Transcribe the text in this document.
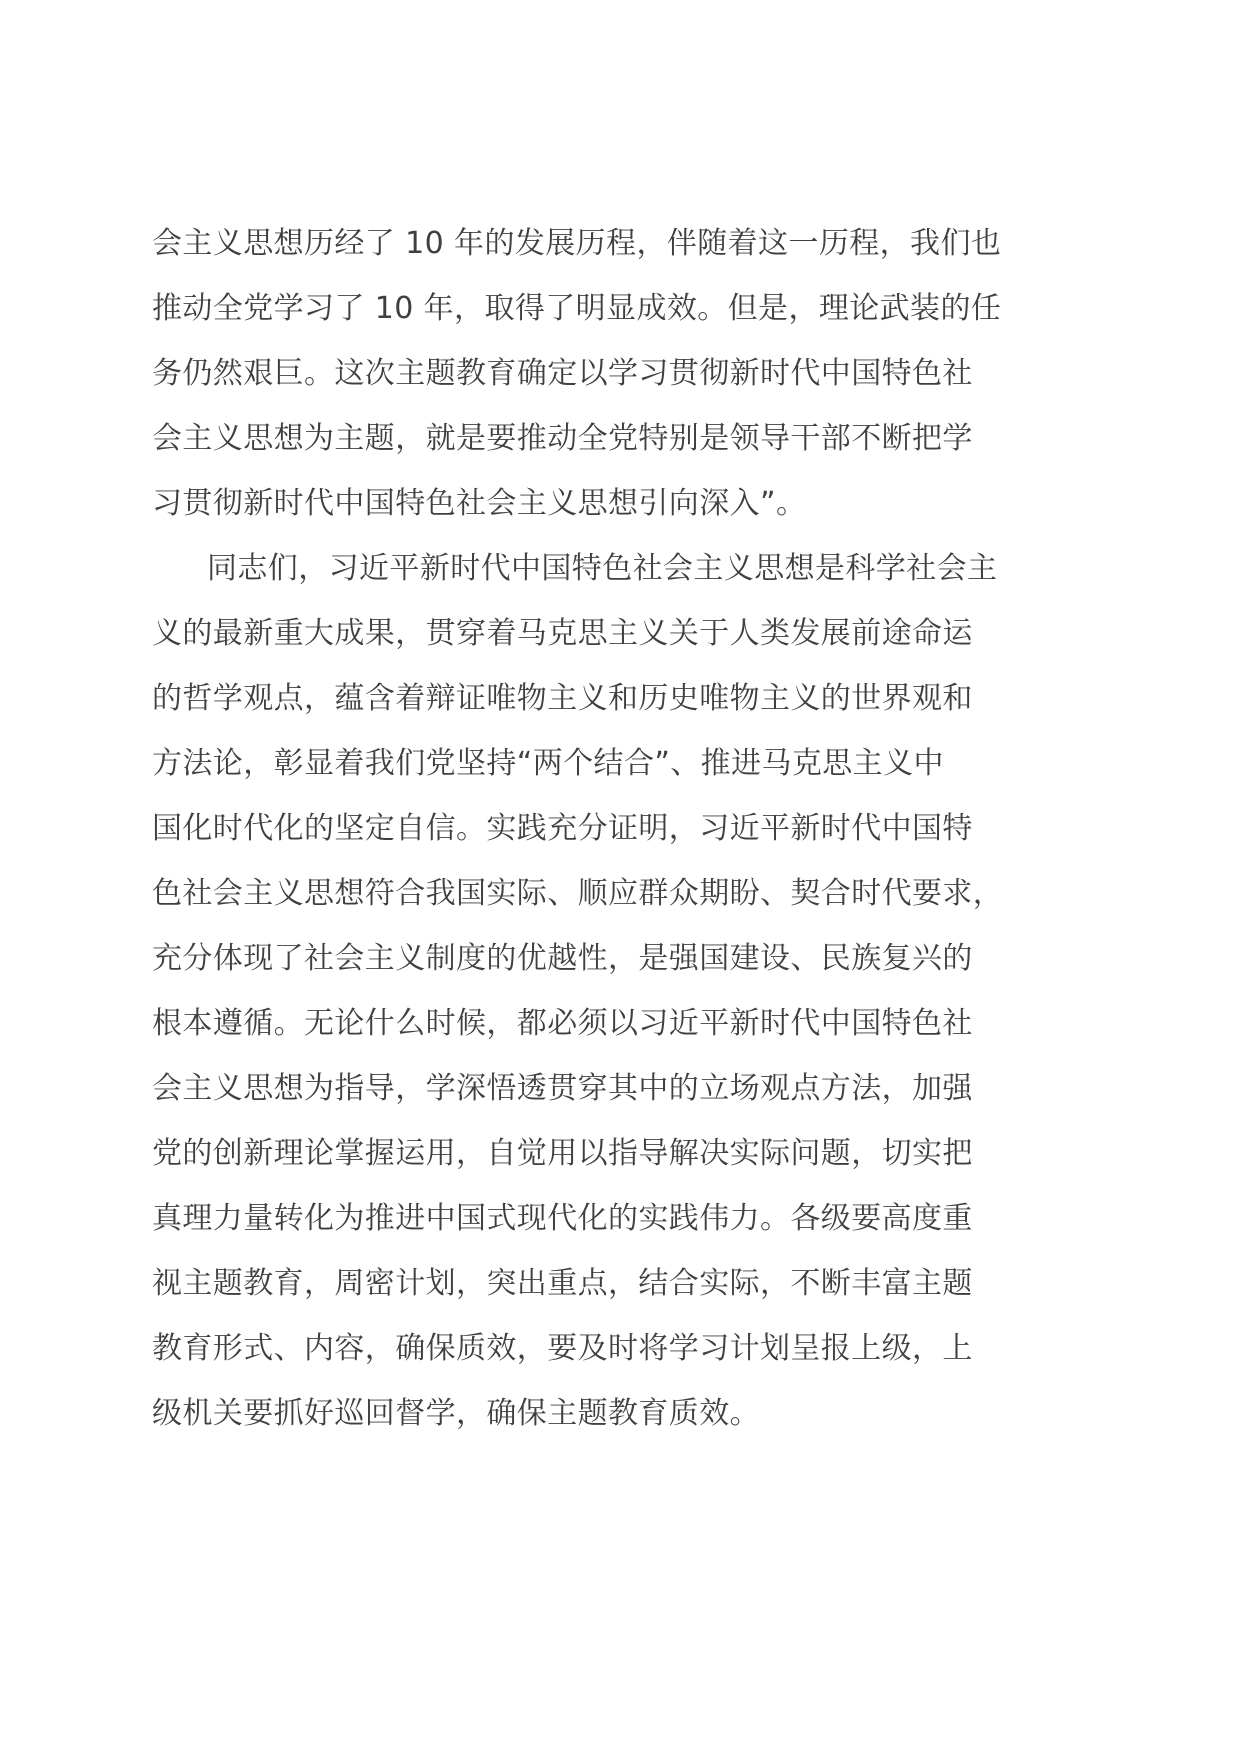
会主义思想历经了 10 年的发展历程，伴随着这一历程，我们也
推动全党学习了 10 年，取得了明显成效。但是，理论武装的任
务仍然艰巨。这次主题教育确定以学习贯彻新时代中国特色社
会主义思想为主题，就是要推动全党特别是领导干部不断把学
习贯彻新时代中国特色社会主义思想引向深入”。
同志们，习近平新时代中国特色社会主义思想是科学社会主
义的最新重大成果，贯穿着马克思主义关于人类发展前途命运
的哲学观点，蕴含着辩证唯物主义和历史唯物主义的世界观和
方法论，彰显着我们党坚持“两个结合”、推进马克思主义中
国化时代化的坚定自信。实践充分证明，习近平新时代中国特
色社会主义思想符合我国实际、顺应群众期盼、契合时代要求，
充分体现了社会主义制度的优越性，是强国建设、民族复兴的
根本遵循。无论什么时候，都必须以习近平新时代中国特色社
会主义思想为指导，学深悟透贯穿其中的立场观点方法，加强
党的创新理论掌握运用，自觉用以指导解决实际问题，切实把
真理力量转化为推进中国式现代化的实践伟力。各级要高度重
视主题教育，周密计划，突出重点，结合实际，不断丰富主题
教育形式、内容，确保质效，要及时将学习计划呈报上级，上
级机关要抓好巡回督学，确保主题教育质效。
